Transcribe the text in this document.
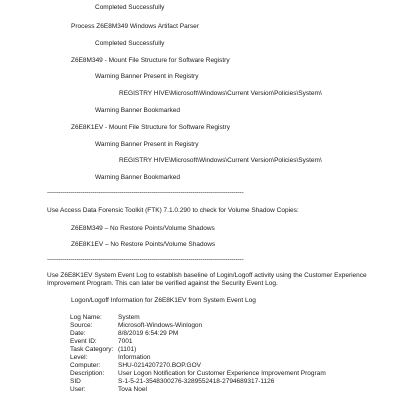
Completed Successfully
Process Z6E8M349 Windows Artifact Parser
Completed Successfully
Z6E8M349 - Mount File Structure for Software Registry
Warning Banner Present in Registry
REGISTRY HIVE\Microsoft\Windows\Current Version\Policies\System\
Warning Banner Bookmarked
Z6E8K1EV - Mount File Structure for Software Registry
Warning Banner Present in Registry
REGISTRY HIVE\Microsoft\Windows\Current Version\Policies\System\
Warning Banner Bookmarked
----------------------------------------------------------------------------------------------------
Use Access Data Forensic Toolkit (FTK) 7.1.0.290 to check for Volume Shadow Copies:
Z6E8M349 – No Restore Points/Volume Shadows
Z6E8K1EV – No Restore Points/Volume Shadows
----------------------------------------------------------------------------------------------------
Use Z6E8K1EV System Event Log to establish baseline of Login/Logoff activity using the Customer Experience Improvement Program. This can later be verified against the Security Event Log.
Logon/Logoff Information for Z6E8K1EV from System Event Log
Log Name: System
Source:	Microsoft-Windows-Winlogon
Date:	8/8/2019 6:54:29 PM
Event ID:	7001
Task Category: (1101)
Level:	Information
Computer:	SHU-0214207270.BOP.GOV
Description: User Logon Notification for Customer Experience Improvement Program
SID	S-1-5-21-3548300276-3289552418-2794689317-1126
User:	Tova Noel
